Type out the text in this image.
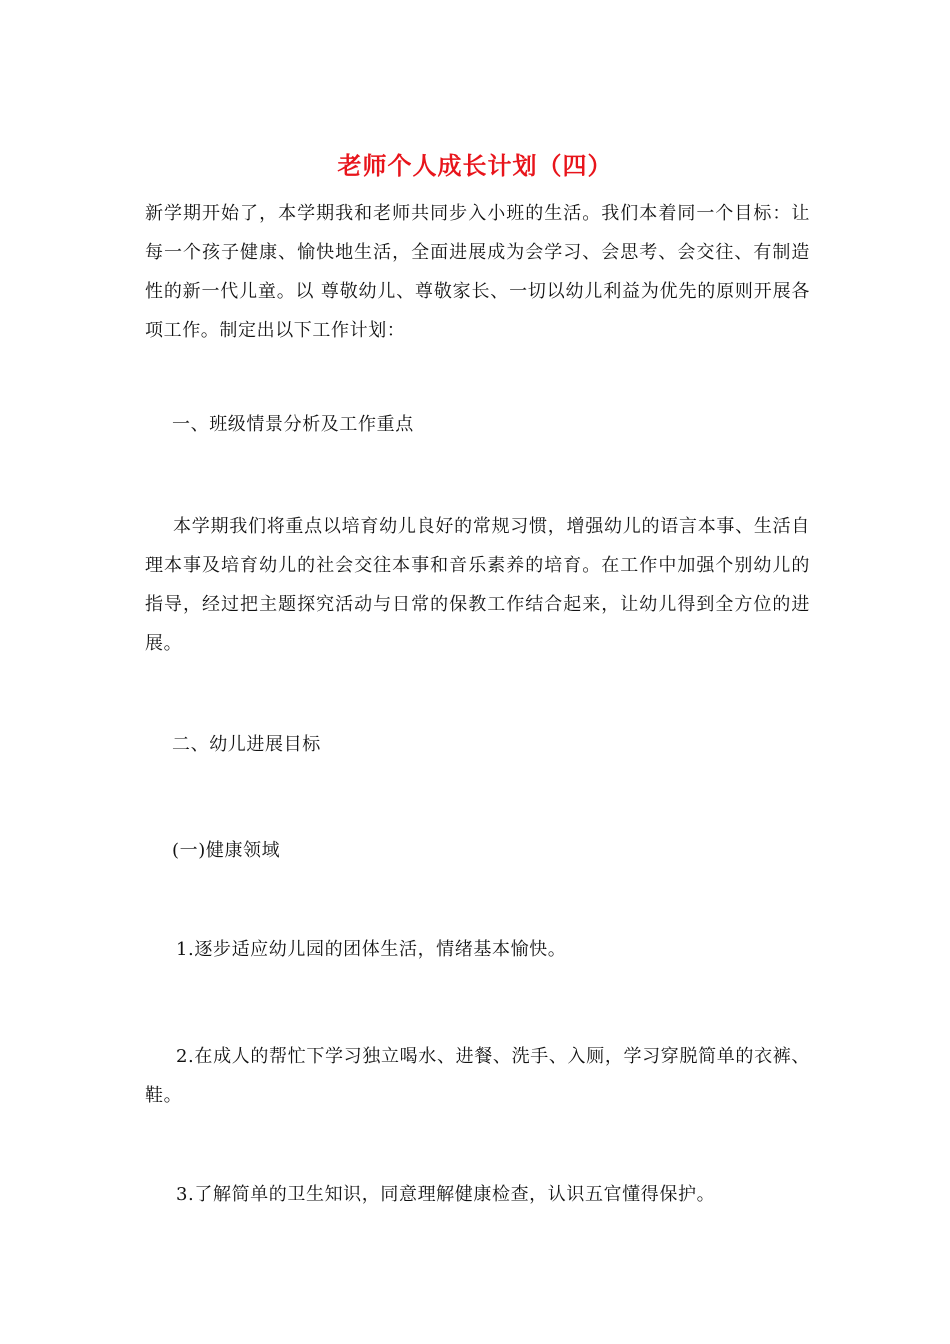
老师个人成长计划（四）
新学期开始了，本学期我和老师共同步入小班的生活。我们本着同一个目标：让每一个孩子健康、愉快地生活，全面进展成为会学习、会思考、会交往、有制造性的新一代儿童。以 尊敬幼儿、尊敬家长、一切以幼儿利益为优先的原则开展各项工作。制定出以下工作计划：
一、班级情景分析及工作重点
本学期我们将重点以培育幼儿良好的常规习惯，增强幼儿的语言本事、生活自理本事及培育幼儿的社会交往本事和音乐素养的培育。在工作中加强个别幼儿的指导，经过把主题探究活动与日常的保教工作结合起来，让幼儿得到全方位的进展。
二、幼儿进展目标
(一)健康领域
1.逐步适应幼儿园的团体生活，情绪基本愉快。
2.在成人的帮忙下学习独立喝水、进餐、洗手、入厕，学习穿脱简单的衣裤、鞋。
3.了解简单的卫生知识，同意理解健康检查，认识五官懂得保护。
